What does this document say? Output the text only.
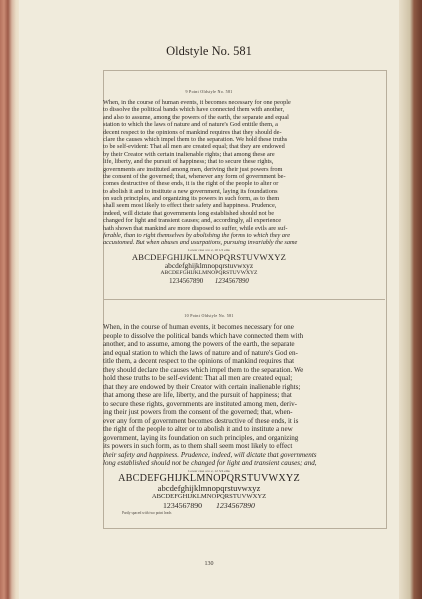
Oldstyle No. 581
9 Point Oldstyle No. 581
When, in the course of human events, it becomes necessary for one people
to dissolve the political bands which have connected them with another,
and also to assume, among the powers of the earth, the separate and equal
station to which the laws of nature and of nature's God entitle them, a
decent respect to the opinions of mankind requires that they should de-
clare the causes which impel them to the separation. We hold these truths
to be self-evident: That all men are created equal; that they are endowed
by their Creator with certain inalienable rights; that among these are
life, liberty, and the pursuit of happiness; that to secure these rights,
governments are instituted among men, deriving their just powers from
the consent of the governed; that, whenever any form of government be-
comes destructive of these ends, it is the right of the people to alter or
to abolish it and to institute a new government, laying its foundations
on such principles, and organizing its powers in such form, as to them
shall seem most likely to effect their safety and happiness. Prudence,
indeed, will dictate that governments long established should not be
changed for light and transient causes; and, accordingly, all experience
hath shown that mankind are more disposed to suffer, while evils are suf-
ferable, than to right themselves by abolishing the forms to which they are
accustomed. But when abuses and usurpations, pursuing invariably the same
Lower case a to z, 10 1/2 ems
ABCDEFGHIJKLMNOPQRSTUVWXYZ
abcdefghijklmnopqrstuvwxyz
ABCDEFGHIJKLMNOPQRSTUVWXYZ
1234567890 1234567890
10 Point Oldstyle No. 581
When, in the course of human events, it becomes necessary for one
people to dissolve the political bands which have connected them with
another, and to assume, among the powers of the earth, the separate
and equal station to which the laws of nature and of nature's God en-
title them, a decent respect to the opinions of mankind requires that
they should declare the causes which impel them to the separation. We
hold these truths to be self-evident: That all men are created equal;
that they are endowed by their Creator with certain inalienable rights;
that among these are life, liberty, and the pursuit of happiness; that
to secure these rights, governments are instituted among men, deriv-
ing their just powers from the consent of the governed; that, when-
ever any form of government becomes destructive of these ends, it is
the right of the people to alter or to abolish it and to institute a new
government, laying its foundation on such principles, and organizing
its powers in such form, as to them shall seem most likely to effect
their safety and happiness. Prudence, indeed, will dictate that governments
long established should not be changed for light and transient causes; and,
Lower case a to z, 12 3/4 ems
ABCDEFGHIJKLMNOPQRSTUVWXYZ
abcdefghijklmnopqrstuvwxyz
ABCDEFGHIJKLMNOPQRSTUVWXYZ
1234567890 1234567890
Partly spaced with two point leads
130
